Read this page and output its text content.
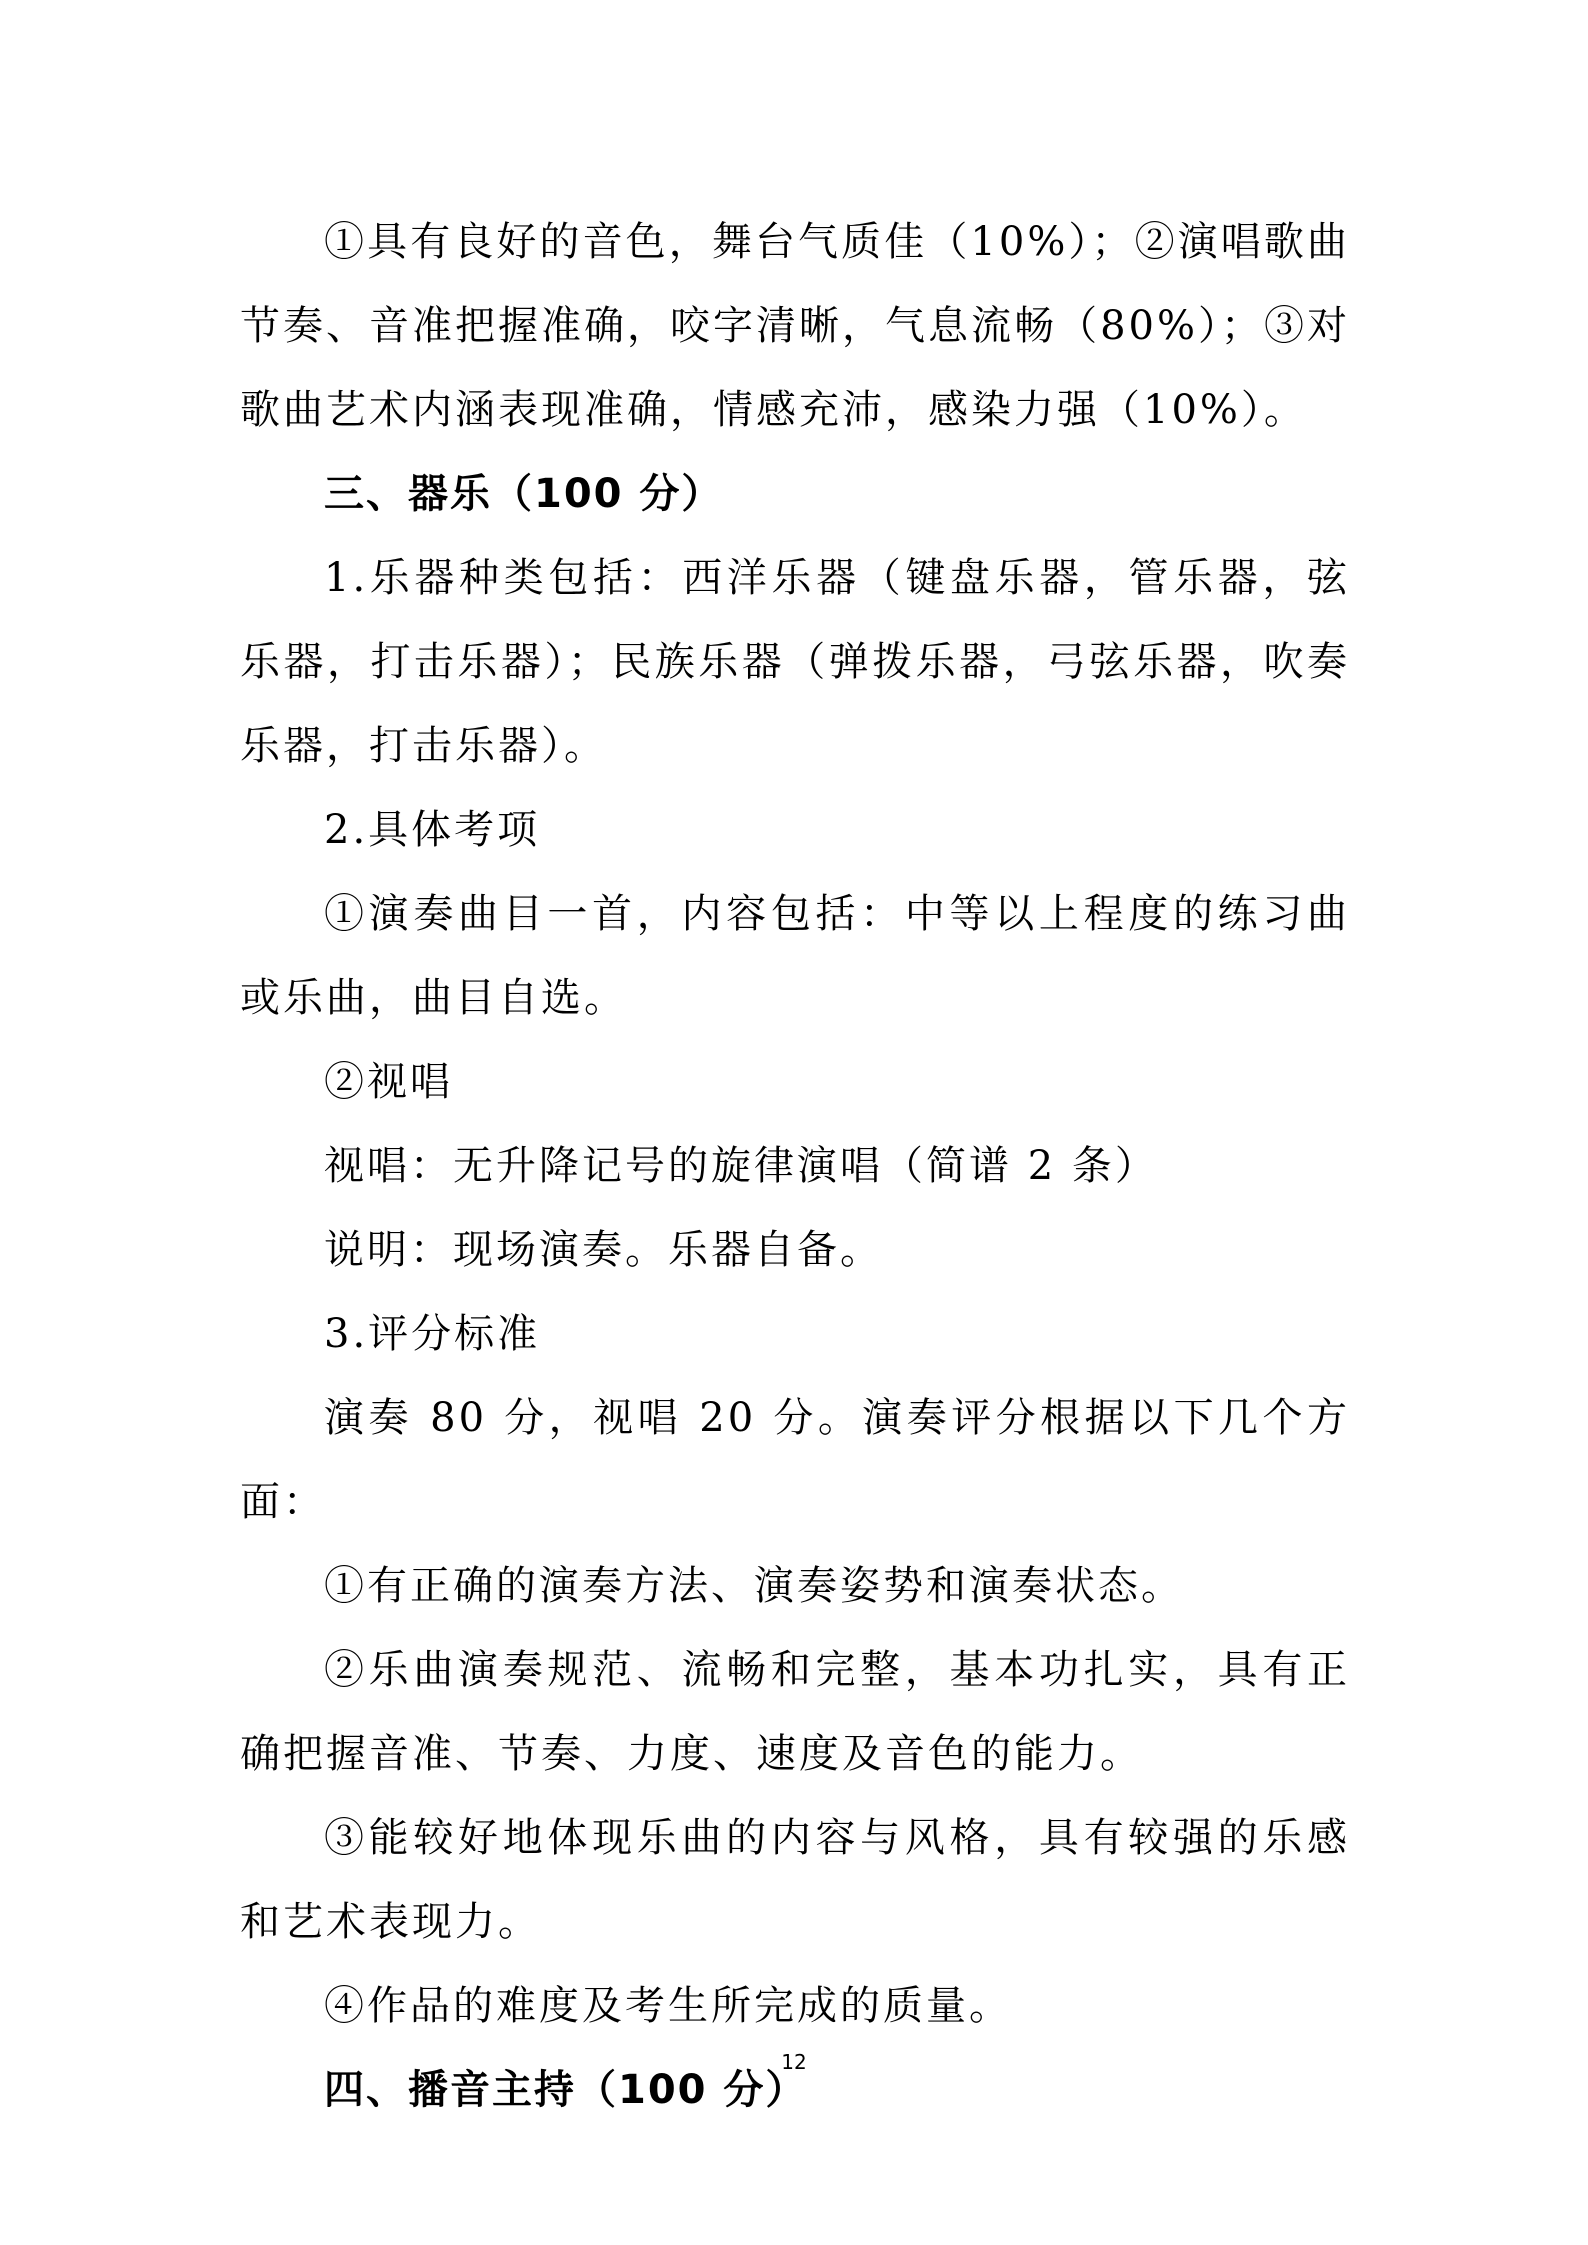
①具有良好的音色，舞台气质佳（10%）；②演唱歌曲节奏、音准把握准确，咬字清晰，气息流畅（80%）；③对歌曲艺术内涵表现准确，情感充沛，感染力强（10%）。

三、器乐（100 分）

1.乐器种类包括：西洋乐器（键盘乐器，管乐器，弦乐器，打击乐器）；民族乐器（弹拨乐器，弓弦乐器，吹奏乐器，打击乐器）。

2.具体考项

①演奏曲目一首，内容包括：中等以上程度的练习曲或乐曲，曲目自选。

②视唱

视唱：无升降记号的旋律演唱（简谱 2 条）

说明：现场演奏。乐器自备。

3.评分标准

演奏 80 分，视唱 20 分。演奏评分根据以下几个方面：

①有正确的演奏方法、演奏姿势和演奏状态。

②乐曲演奏规范、流畅和完整，基本功扎实，具有正确把握音准、节奏、力度、速度及音色的能力。

③能较好地体现乐曲的内容与风格，具有较强的乐感和艺术表现力。

④作品的难度及考生所完成的质量。

四、播音主持（100 分）

12
